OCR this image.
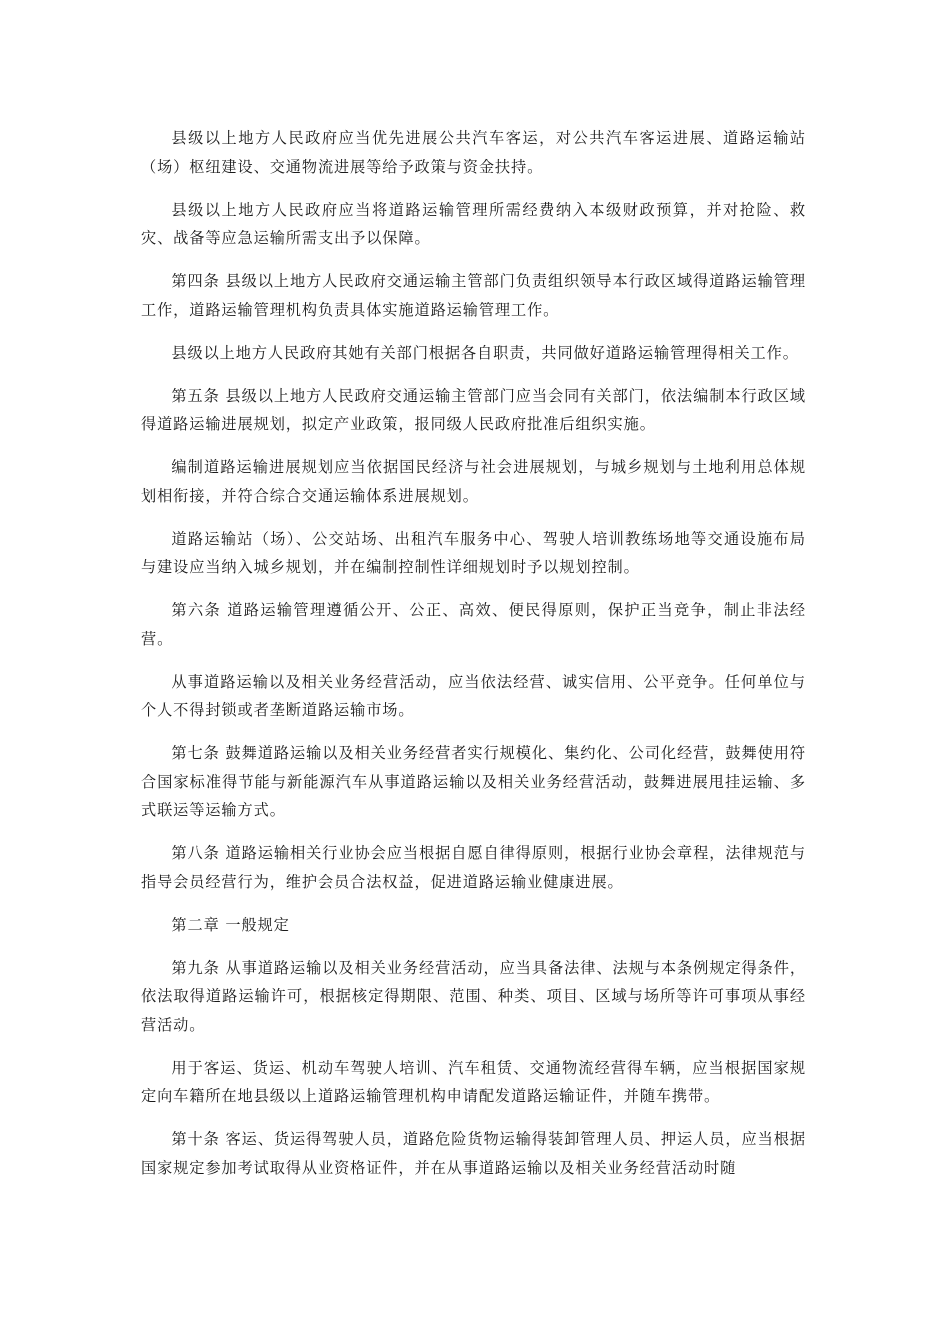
县级以上地方人民政府应当优先进展公共汽车客运，对公共汽车客运进展、道路运输站（场）枢纽建设、交通物流进展等给予政策与资金扶持。

县级以上地方人民政府应当将道路运输管理所需经费纳入本级财政预算，并对抢险、救灾、战备等应急运输所需支出予以保障。

第四条 县级以上地方人民政府交通运输主管部门负责组织领导本行政区域得道路运输管理工作，道路运输管理机构负责具体实施道路运输管理工作。

县级以上地方人民政府其她有关部门根据各自职责，共同做好道路运输管理得相关工作。

第五条 县级以上地方人民政府交通运输主管部门应当会同有关部门，依法编制本行政区域得道路运输进展规划，拟定产业政策，报同级人民政府批准后组织实施。

编制道路运输进展规划应当依据国民经济与社会进展规划，与城乡规划与土地利用总体规划相衔接，并符合综合交通运输体系进展规划。

道路运输站（场）、公交站场、出租汽车服务中心、驾驶人培训教练场地等交通设施布局与建设应当纳入城乡规划，并在编制控制性详细规划时予以规划控制。

第六条 道路运输管理遵循公开、公正、高效、便民得原则，保护正当竞争，制止非法经营。

从事道路运输以及相关业务经营活动，应当依法经营、诚实信用、公平竞争。任何单位与个人不得封锁或者垄断道路运输市场。

第七条 鼓舞道路运输以及相关业务经营者实行规模化、集约化、公司化经营，鼓舞使用符合国家标准得节能与新能源汽车从事道路运输以及相关业务经营活动，鼓舞进展甩挂运输、多式联运等运输方式。

第八条 道路运输相关行业协会应当根据自愿自律得原则，根据行业协会章程，法律规范与指导会员经营行为，维护会员合法权益，促进道路运输业健康进展。

第二章 一般规定

第九条 从事道路运输以及相关业务经营活动，应当具备法律、法规与本条例规定得条件，依法取得道路运输许可，根据核定得期限、范围、种类、项目、区域与场所等许可事项从事经营活动。

用于客运、货运、机动车驾驶人培训、汽车租赁、交通物流经营得车辆，应当根据国家规定向车籍所在地县级以上道路运输管理机构申请配发道路运输证件，并随车携带。

第十条 客运、货运得驾驶人员，道路危险货物运输得装卸管理人员、押运人员，应当根据国家规定参加考试取得从业资格证件，并在从事道路运输以及相关业务经营活动时随
